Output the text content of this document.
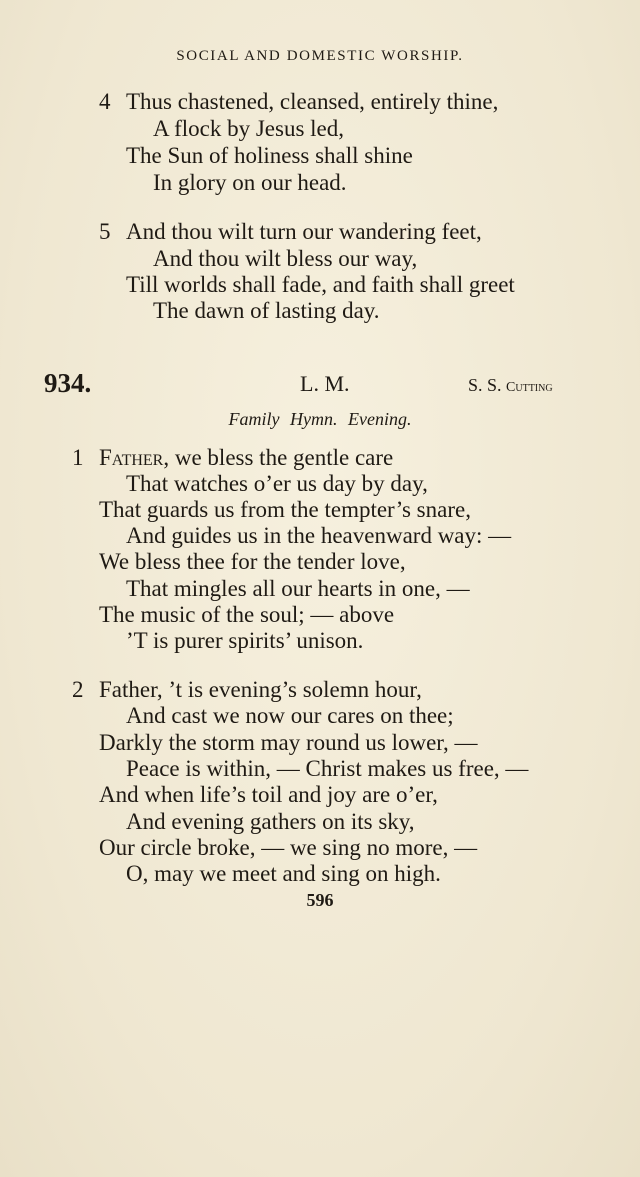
SOCIAL AND DOMESTIC WORSHIP.
4 Thus chastened, cleansed, entirely thine,
A flock by Jesus led,
The Sun of holiness shall shine
In glory on our head.
5 And thou wilt turn our wandering feet,
And thou wilt bless our way,
Till worlds shall fade, and faith shall greet
The dawn of lasting day.
934.	L. M.	S. S. Cutting
Family Hymn. Evening.
1 Father, we bless the gentle care
That watches o’er us day by day,
That guards us from the tempter’s snare,
And guides us in the heavenward way: —
We bless thee for the tender love,
That mingles all our hearts in one, —
The music of the soul; — above
’T is purer spirits’ unison.
2 Father, ’t is evening’s solemn hour,
And cast we now our cares on thee;
Darkly the storm may round us lower, —
Peace is within, — Christ makes us free, —
And when life’s toil and joy are o’er,
And evening gathers on its sky,
Our circle broke, — we sing no more, —
O, may we meet and sing on high.
596
